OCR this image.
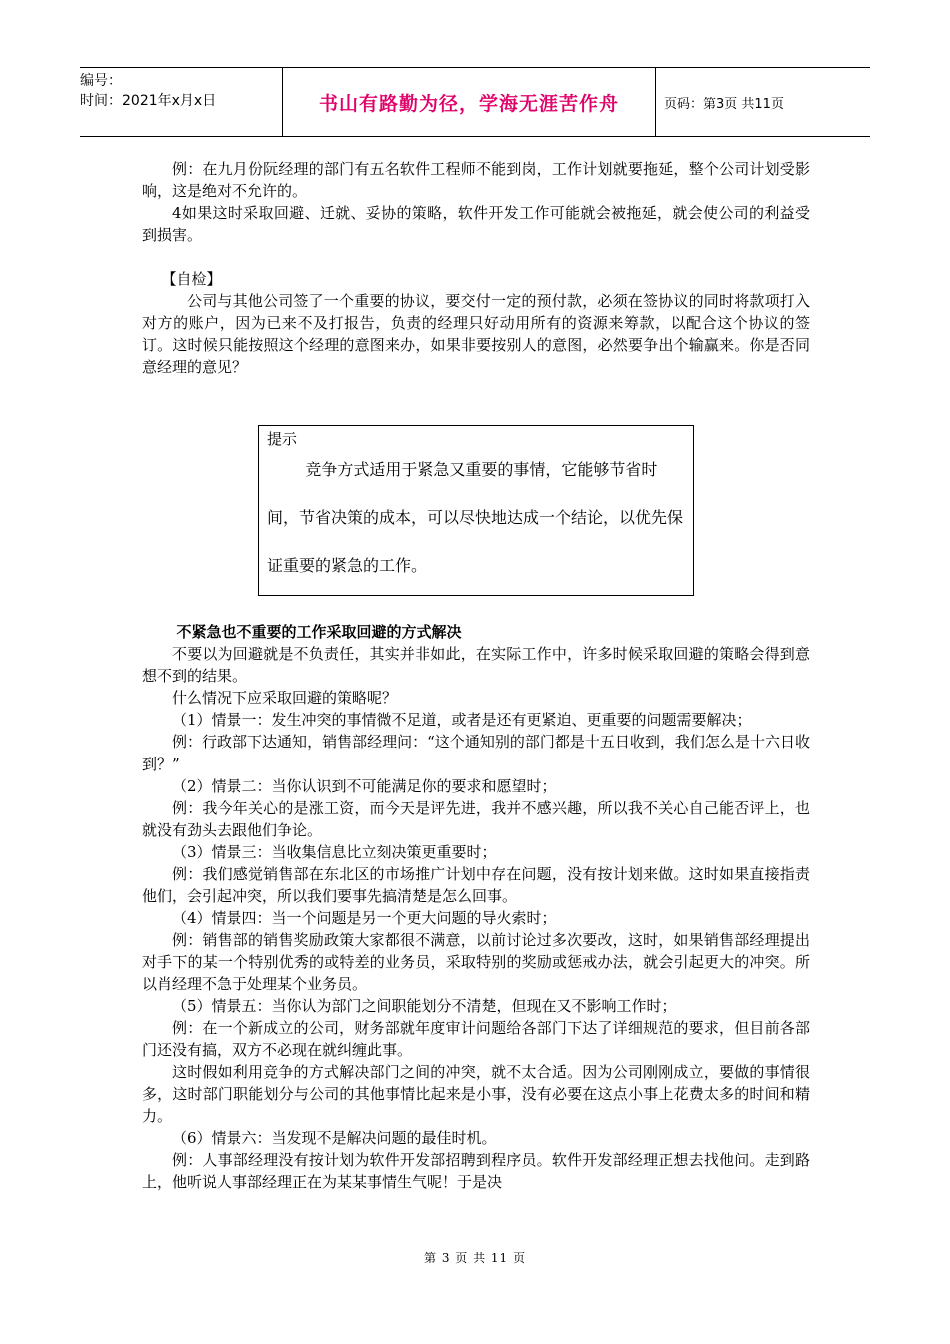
编号：
时间：2021年x月x日	书山有路勤为径，学海无涯苦作舟	页码：第3页 共11页

例：在九月份阮经理的部门有五名软件工程师不能到岗，工作计划就要拖延，整个公司计划受影响，这是绝对不允许的。

4如果这时采取回避、迁就、妥协的策略，软件开发工作可能就会被拖延，就会使公司的利益受到损害。

【自检】

公司与其他公司签了一个重要的协议，要交付一定的预付款，必须在签协议的同时将款项打入对方的账户，因为已来不及打报告，负责的经理只好动用所有的资源来筹款，以配合这个协议的签订。这时候只能按照这个经理的意图来办，如果非要按别人的意图，必然要争出个输赢来。你是否同意经理的意见？

提示
竞争方式适用于紧急又重要的事情，它能够节省时间，节省决策的成本，可以尽快地达成一个结论，以优先保证重要的紧急的工作。

不紧急也不重要的工作采取回避的方式解决

不要以为回避就是不负责任，其实并非如此，在实际工作中，许多时候采取回避的策略会得到意想不到的结果。

什么情况下应采取回避的策略呢？

（1）情景一：发生冲突的事情微不足道，或者是还有更紧迫、更重要的问题需要解决；

例：行政部下达通知，销售部经理问：“这个通知别的部门都是十五日收到，我们怎么是十六日收到？”

（2）情景二：当你认识到不可能满足你的要求和愿望时；

例：我今年关心的是涨工资，而今天是评先进，我并不感兴趣，所以我不关心自己能否评上，也就没有劲头去跟他们争论。

（3）情景三：当收集信息比立刻决策更重要时；

例：我们感觉销售部在东北区的市场推广计划中存在问题，没有按计划来做。这时如果直接指责他们，会引起冲突，所以我们要事先搞清楚是怎么回事。

（4）情景四：当一个问题是另一个更大问题的导火索时；

例：销售部的销售奖励政策大家都很不满意，以前讨论过多次要改，这时，如果销售部经理提出对手下的某一个特别优秀的或特差的业务员，采取特别的奖励或惩戒办法，就会引起更大的冲突。所以肖经理不急于处理某个业务员。

（5）情景五：当你认为部门之间职能划分不清楚，但现在又不影响工作时；

例：在一个新成立的公司，财务部就年度审计问题给各部门下达了详细规范的要求，但目前各部门还没有搞，双方不必现在就纠缠此事。

这时假如利用竞争的方式解决部门之间的冲突，就不太合适。因为公司刚刚成立，要做的事情很多，这时部门职能划分与公司的其他事情比起来是小事，没有必要在这点小事上花费太多的时间和精力。

（6）情景六：当发现不是解决问题的最佳时机。

例：人事部经理没有按计划为软件开发部招聘到程序员。软件开发部经理正想去找他问。走到路上，他听说人事部经理正在为某某事情生气呢！于是决

第 3 页 共 11 页
